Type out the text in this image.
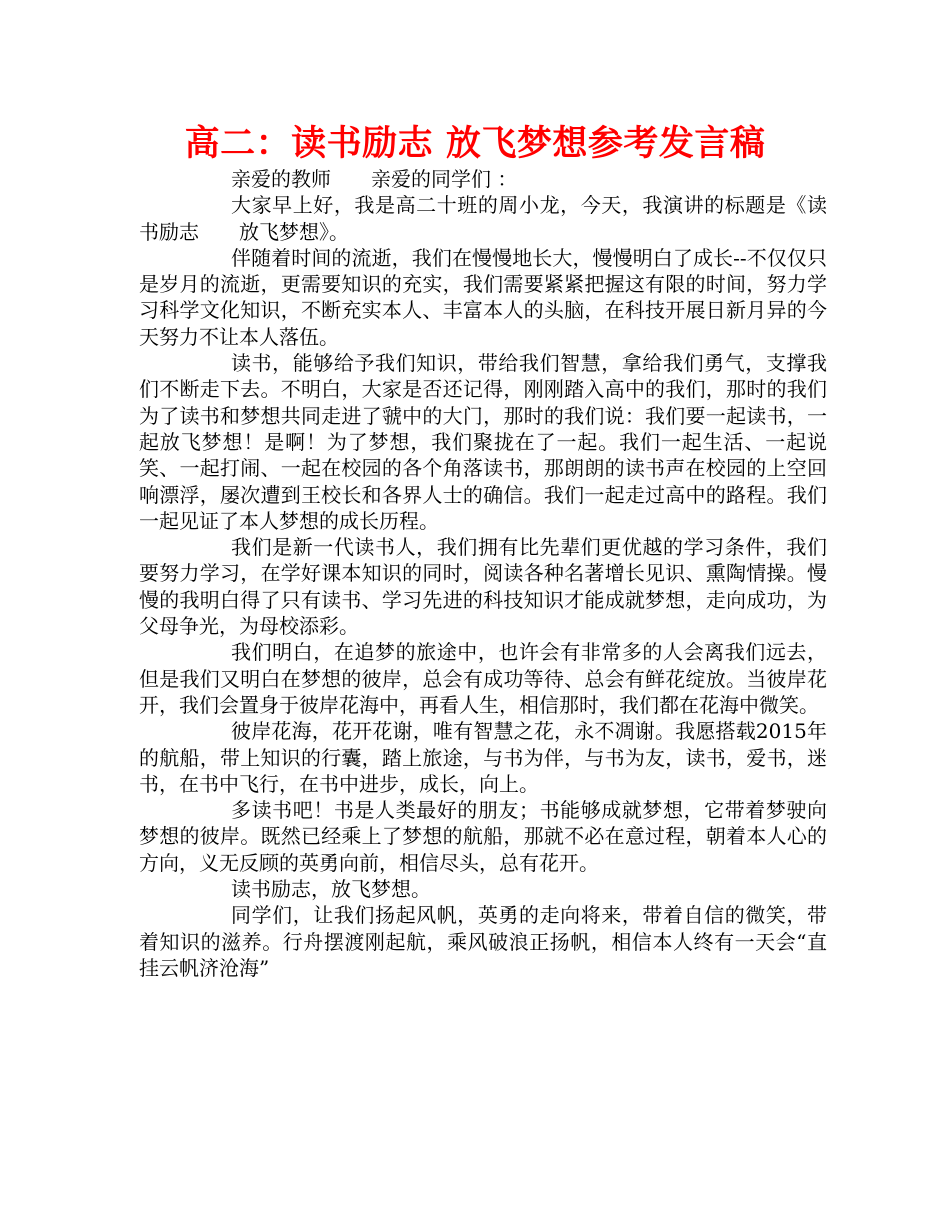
高二：读书励志 放飞梦想参考发言稿

亲爱的教师　　亲爱的同学们 ：

大家早上好，我是高二十班的周小龙，今天，我演讲的标题是《读书励志　　放飞梦想》。

伴随着时间的流逝，我们在慢慢地长大，慢慢明白了成长--不仅仅只是岁月的流逝，更需要知识的充实，我们需要紧紧把握这有限的时间，努力学习科学文化知识，不断充实本人、丰富本人的头脑，在科技开展日新月异的今天努力不让本人落伍。

读书，能够给予我们知识，带给我们智慧，拿给我们勇气，支撑我们不断走下去。不明白，大家是否还记得，刚刚踏入高中的我们，那时的我们为了读书和梦想共同走进了虢中的大门，那时的我们说：我们要一起读书，一起放飞梦想！是啊！为了梦想，我们聚拢在了一起。我们一起生活、一起说笑、一起打闹、一起在校园的各个角落读书，那朗朗的读书声在校园的上空回响漂浮，屡次遭到王校长和各界人士的确信。我们一起走过高中的路程。我们一起见证了本人梦想的成长历程。

我们是新一代读书人，我们拥有比先辈们更优越的学习条件，我们要努力学习，在学好课本知识的同时，阅读各种名著增长见识、熏陶情操。慢慢的我明白得了只有读书、学习先进的科技知识才能成就梦想，走向成功，为父母争光，为母校添彩。

我们明白，在追梦的旅途中，也许会有非常多的人会离我们远去，但是我们又明白在梦想的彼岸，总会有成功等待、总会有鲜花绽放。当彼岸花开，我们会置身于彼岸花海中，再看人生，相信那时，我们都在花海中微笑。

彼岸花海，花开花谢，唯有智慧之花，永不凋谢。我愿搭载2015年的航船，带上知识的行囊，踏上旅途，与书为伴，与书为友，读书，爱书，迷书，在书中飞行，在书中进步，成长，向上。

多读书吧！书是人类最好的朋友；书能够成就梦想，它带着梦驶向梦想的彼岸。既然已经乘上了梦想的航船，那就不必在意过程，朝着本人心的方向，义无反顾的英勇向前，相信尽头，总有花开。

读书励志，放飞梦想。

同学们，让我们扬起风帆，英勇的走向将来，带着自信的微笑，带着知识的滋养。行舟摆渡刚起航，乘风破浪正扬帆，相信本人终有一天会“直挂云帆济沧海”
